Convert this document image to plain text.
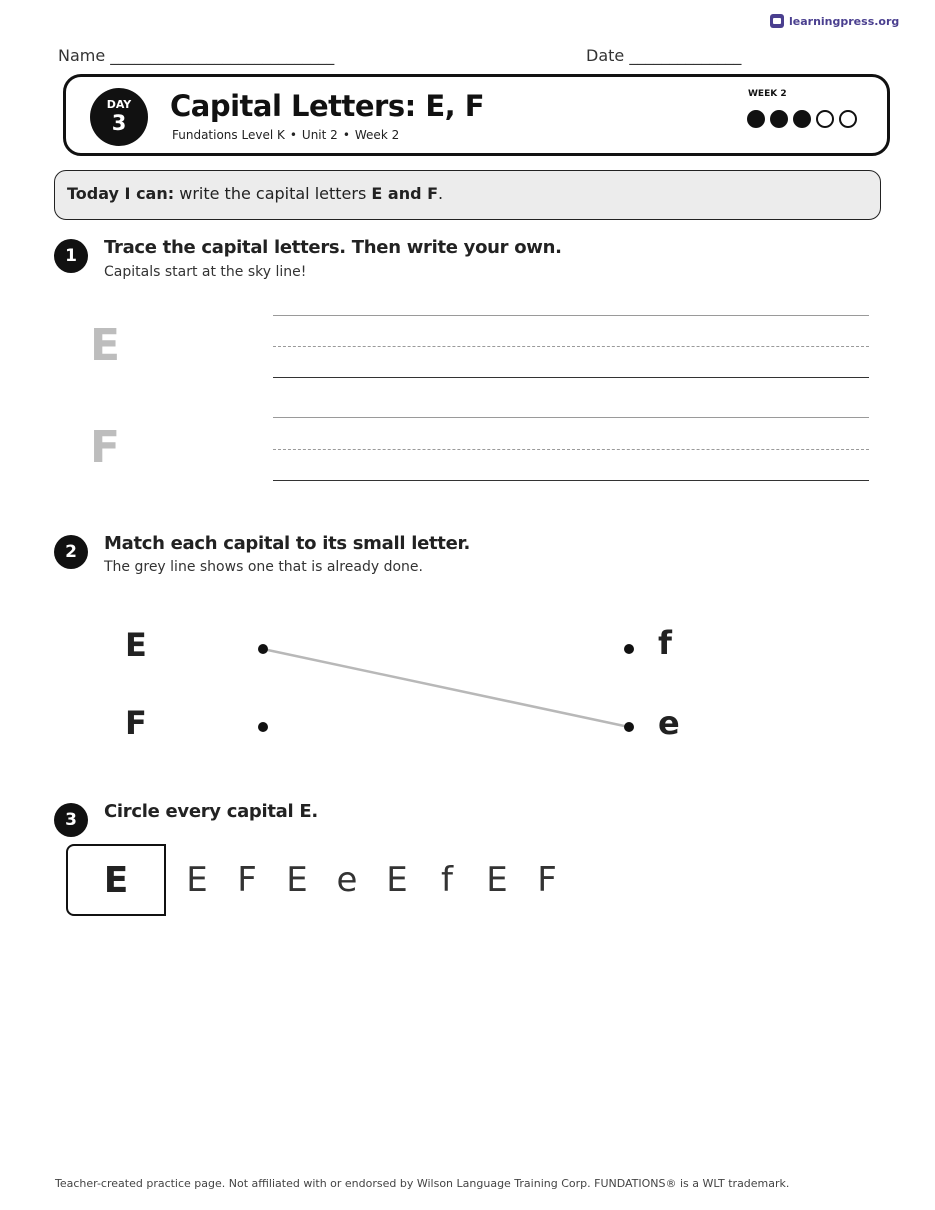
learningpress.org
Name ____________________________	Date ______________
DAY
3	Capital Letters: E, F
Fundations Level K • Unit 2 • Week 2
WEEK 2
Today I can: write the capital letters E and F.
1	Trace the capital letters. Then write your own.
Capitals start at the sky line!
E
F
2	Match each capital to its small letter.
The grey line shows one that is already done.
E
F
f
e
3	Circle every capital E.
E	E F E e E f E F
Teacher-created practice page. Not affiliated with or endorsed by Wilson Language Training Corp. FUNDATIONS® is a WLT trademark.
